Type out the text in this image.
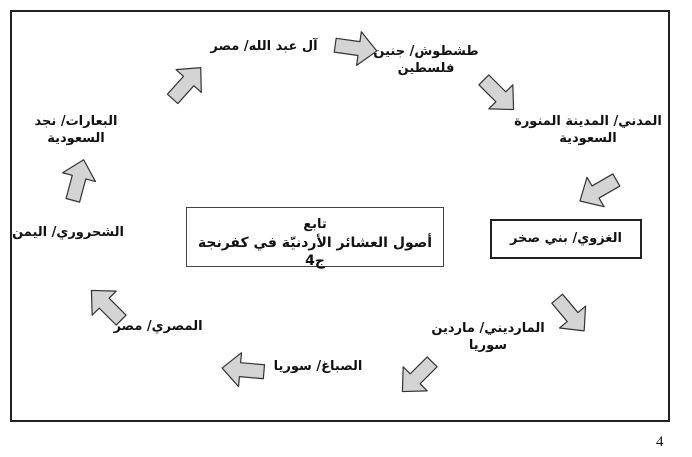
آل عبد الله/ مصر	طشطوش/ جنين
فلسطين
المدني/ المدينة المنورة
السعودية
الغزوي/ بني صخر
المارديني/ ماردين
سوريا
الصباغ/ سوريا
المصري/ مصر
الشحروري/ اليمن
البعارات/ نجد
السعودية
تابع
أصول العشائر الأردنيّة في كفرنجة ج4
4
